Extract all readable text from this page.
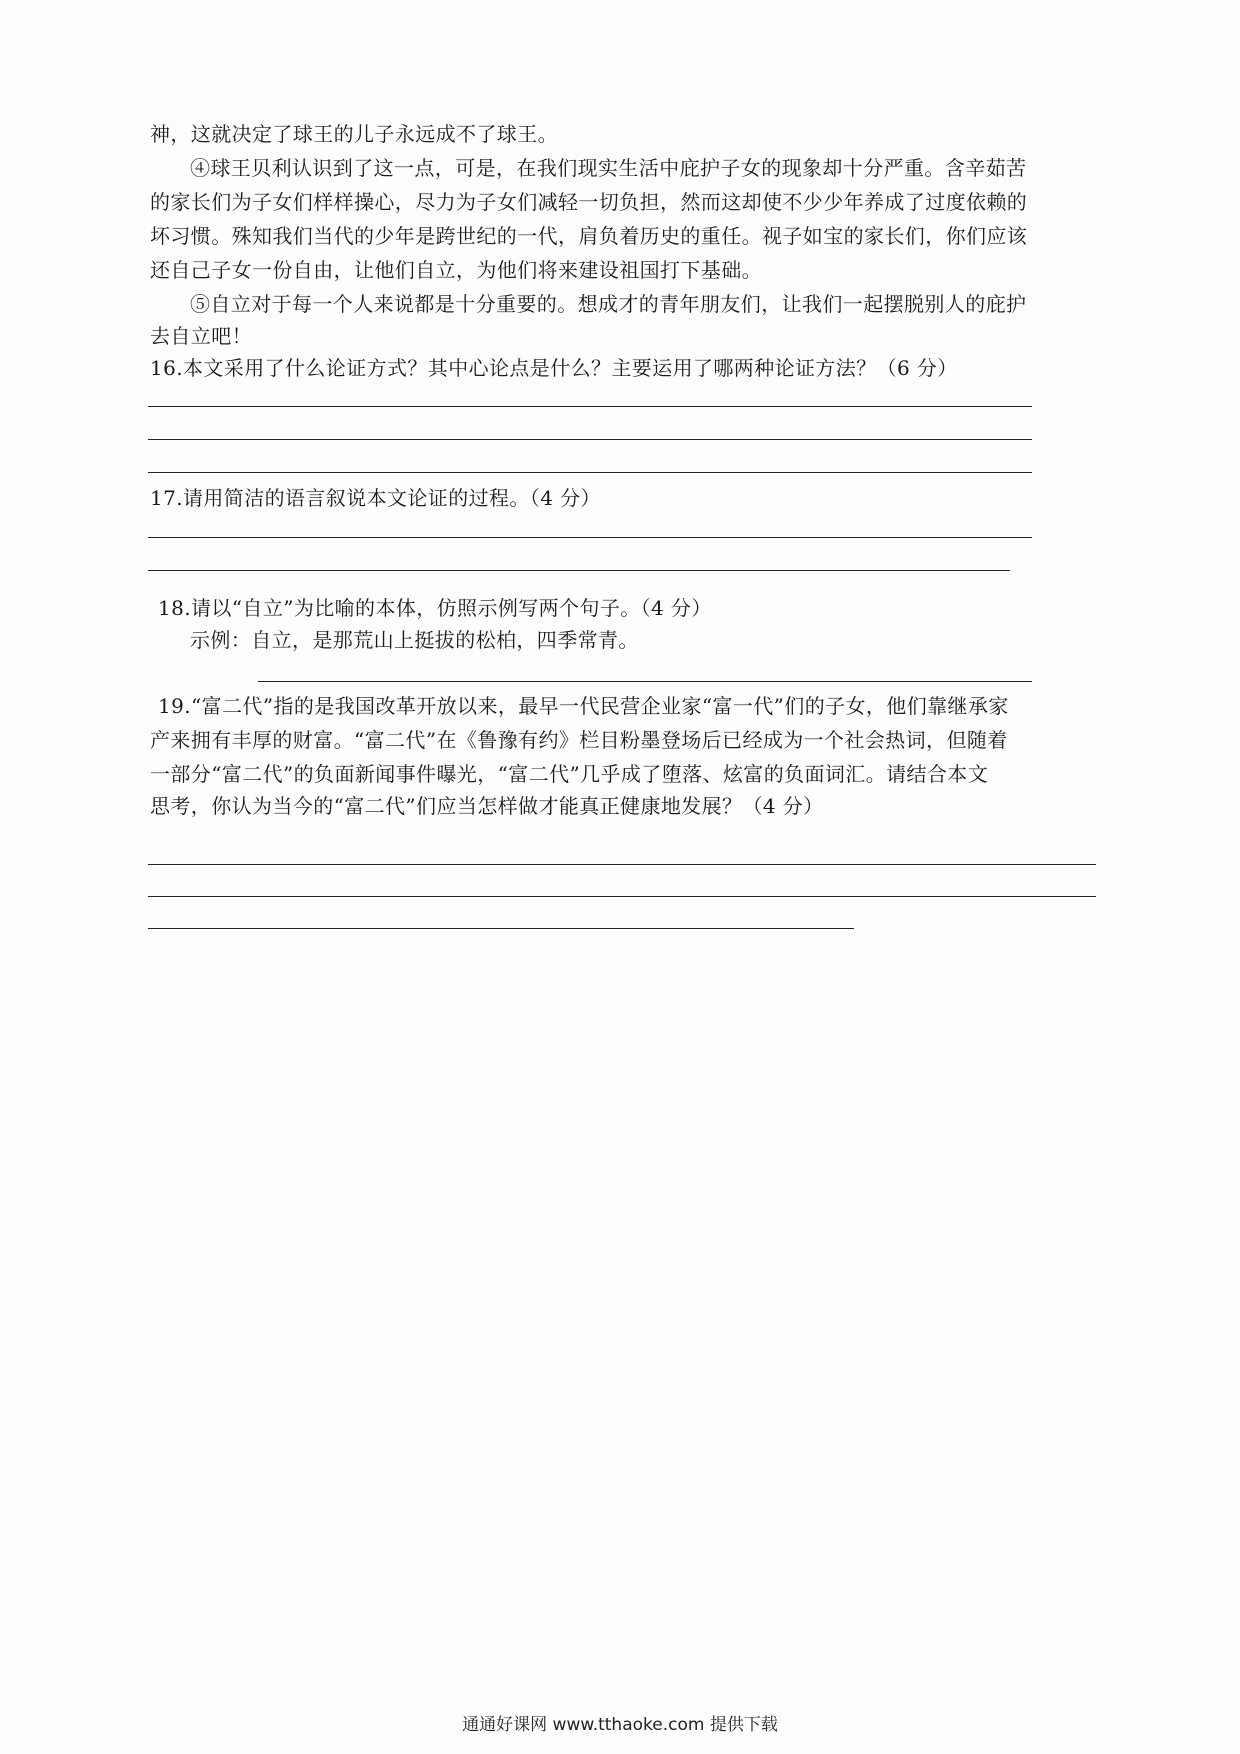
神，这就决定了球王的儿子永远成不了球王。
④球王贝利认识到了这一点，可是，在我们现实生活中庇护子女的现象却十分严重。含辛茹苦
的家长们为子女们样样操心，尽力为子女们减轻一切负担，然而这却使不少少年养成了过度依赖的
坏习惯。殊知我们当代的少年是跨世纪的一代，肩负着历史的重任。视子如宝的家长们，你们应该
还自己子女一份自由，让他们自立，为他们将来建设祖国打下基础。
⑤自立对于每一个人来说都是十分重要的。想成才的青年朋友们，让我们一起摆脱别人的庇护
去自立吧！
16.本文采用了什么论证方式？其中心论点是什么？主要运用了哪两种论证方法？（6 分）
17.请用简洁的语言叙说本文论证的过程。（4 分）
18.请以“自立”为比喻的本体，仿照示例写两个句子。（4 分）
示例：自立，是那荒山上挺拔的松柏，四季常青。
19.“富二代”指的是我国改革开放以来，最早一代民营企业家“富一代”们的子女，他们靠继承家
产来拥有丰厚的财富。“富二代”在《鲁豫有约》栏目粉墨登场后已经成为一个社会热词，但随着
一部分“富二代”的负面新闻事件曝光，“富二代”几乎成了堕落、炫富的负面词汇。请结合本文
思考，你认为当今的“富二代”们应当怎样做才能真正健康地发展？（4 分）
通通好课网 www.tthaoke.com 提供下载
